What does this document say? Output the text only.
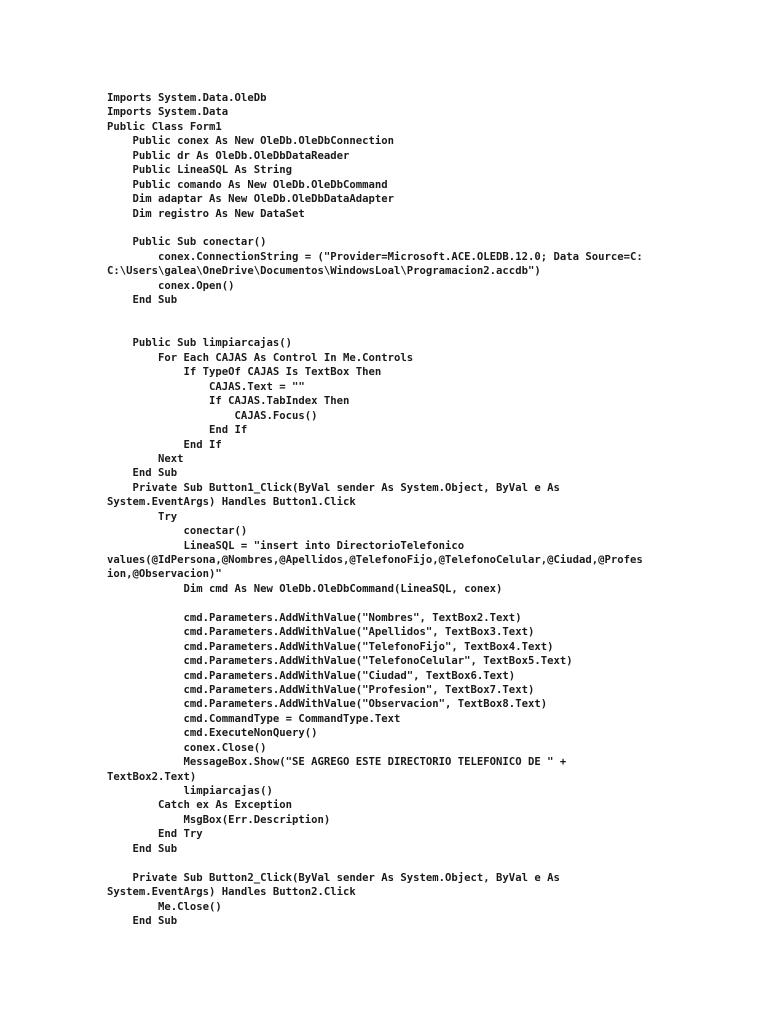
Imports System.Data.OleDb
Imports System.Data
Public Class Form1
Public conex As New OleDb.OleDbConnection
Public dr As OleDb.OleDbDataReader
Public LineaSQL As String
Public comando As New OleDb.OleDbCommand
Dim adaptar As New OleDb.OleDbDataAdapter
Dim registro As New DataSet
Public Sub conectar()
conex.ConnectionString = ("Provider=Microsoft.ACE.OLEDB.12.0; Data Source=C:
C:\Users\galea\OneDrive\Documentos\WindowsLoal\Programacion2.accdb")
conex.Open()
End Sub
Public Sub limpiarcajas()
For Each CAJAS As Control In Me.Controls
If TypeOf CAJAS Is TextBox Then
CAJAS.Text = ""
If CAJAS.TabIndex Then
CAJAS.Focus()
End If
End If
Next
End Sub
Private Sub Button1_Click(ByVal sender As System.Object, ByVal e As
System.EventArgs) Handles Button1.Click
Try
conectar()
LineaSQL = "insert into DirectorioTelefonico
values(@IdPersona,@Nombres,@Apellidos,@TelefonoFijo,@TelefonoCelular,@Ciudad,@Profes
ion,@Observacion)"
Dim cmd As New OleDb.OleDbCommand(LineaSQL, conex)
cmd.Parameters.AddWithValue("Nombres", TextBox2.Text)
cmd.Parameters.AddWithValue("Apellidos", TextBox3.Text)
cmd.Parameters.AddWithValue("TelefonoFijo", TextBox4.Text)
cmd.Parameters.AddWithValue("TelefonoCelular", TextBox5.Text)
cmd.Parameters.AddWithValue("Ciudad", TextBox6.Text)
cmd.Parameters.AddWithValue("Profesion", TextBox7.Text)
cmd.Parameters.AddWithValue("Observacion", TextBox8.Text)
cmd.CommandType = CommandType.Text
cmd.ExecuteNonQuery()
conex.Close()
MessageBox.Show("SE AGREGO ESTE DIRECTORIO TELEFONICO DE " +
TextBox2.Text)
limpiarcajas()
Catch ex As Exception
MsgBox(Err.Description)
End Try
End Sub
Private Sub Button2_Click(ByVal sender As System.Object, ByVal e As
System.EventArgs) Handles Button2.Click
Me.Close()
End Sub
